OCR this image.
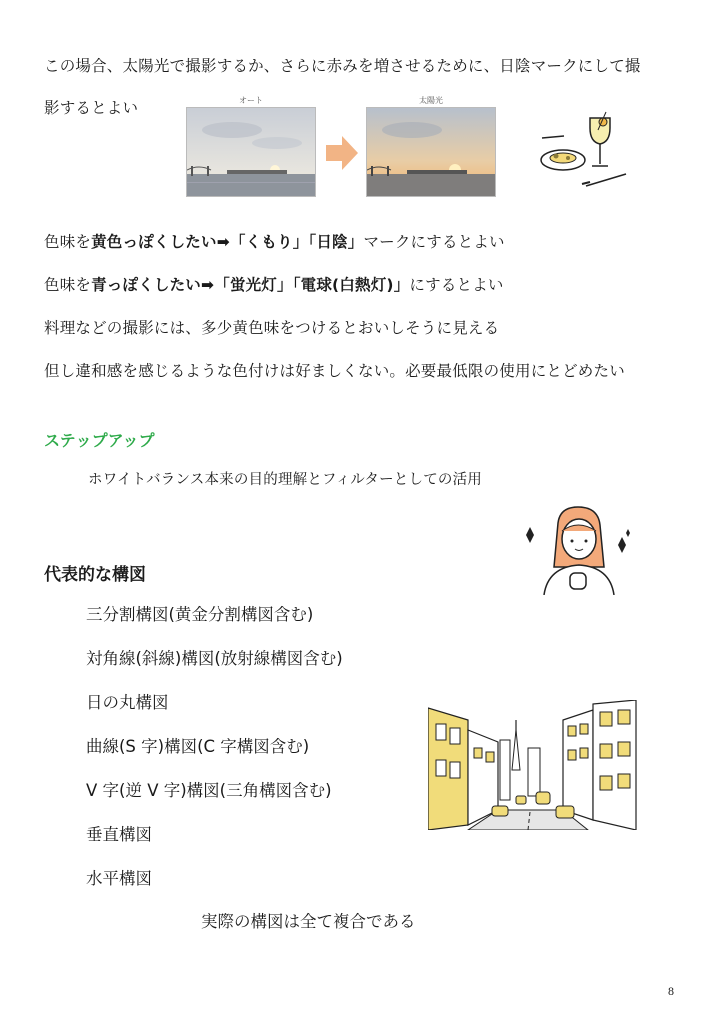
この場合、太陽光で撮影するか、さらに赤みを増させるために、日陰マークにして撮
影するとよい	オート	太陽光
色味を黄色っぽくしたい➡「くもり」「日陰」マークにするとよい
色味を青っぽくしたい➡「蛍光灯」「電球(白熱灯)」にするとよい
料理などの撮影には、多少黄色味をつけるとおいしそうに見える
但し違和感を感じるような色付けは好ましくない。必要最低限の使用にとどめたい
ステップアップ
ホワイトバランス本来の目的理解とフィルターとしての活用
代表的な構図
三分割構図(黄金分割構図含む)
対角線(斜線)構図(放射線構図含む)
日の丸構図
曲線(S 字)構図(C 字構図含む)
V 字(逆 V 字)構図(三角構図含む)
垂直構図
水平構図
実際の構図は全て複合である
8
